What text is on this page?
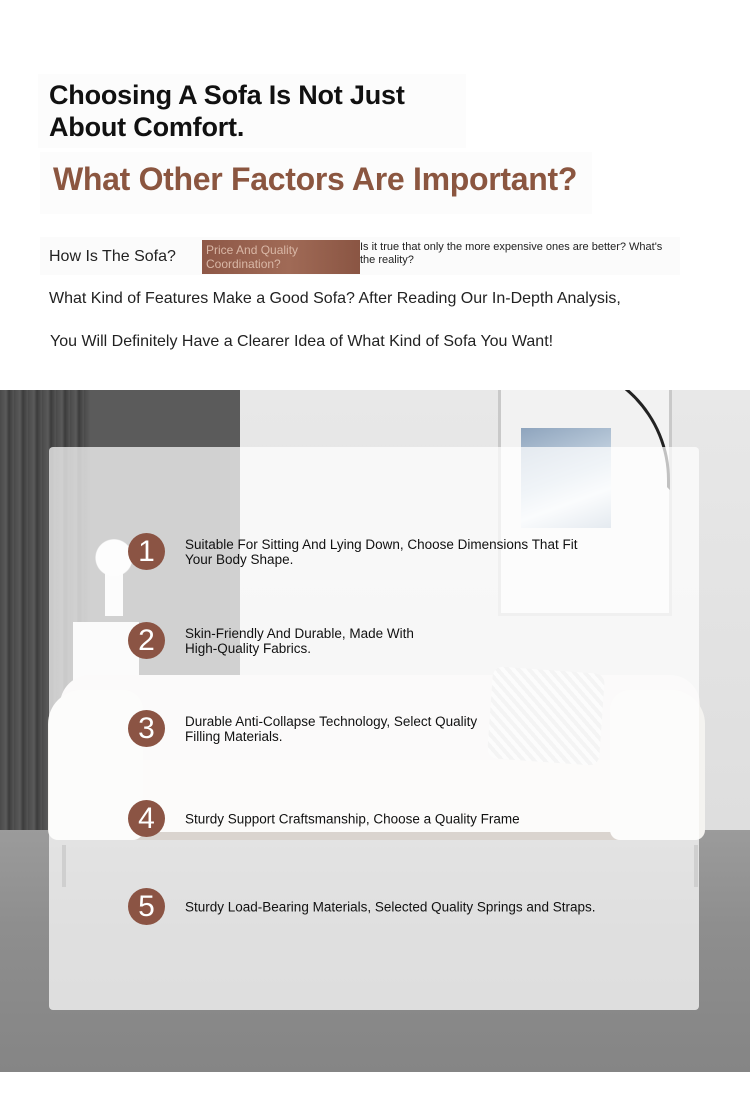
Choosing A Sofa Is Not Just About Comfort.
What Other Factors Are Important?
How Is The Sofa?	Price And Quality Coordination?
Is it true that only the more expensive ones are better? What's the reality?

What Kind of Features Make a Good Sofa? After Reading Our In-Depth Analysis,

You Will Definitely Have a Clearer Idea of What Kind of Sofa You Want!

1	Suitable For Sitting And Lying Down, Choose Dimensions That Fit Your Body Shape.
2	Skin-Friendly And Durable, Made With High-Quality Fabrics.
3	Durable Anti-Collapse Technology, Select Quality Filling Materials.
4	Sturdy Support Craftsmanship, Choose a Quality Frame
5	Sturdy Load-Bearing Materials, Selected Quality Springs and Straps.
